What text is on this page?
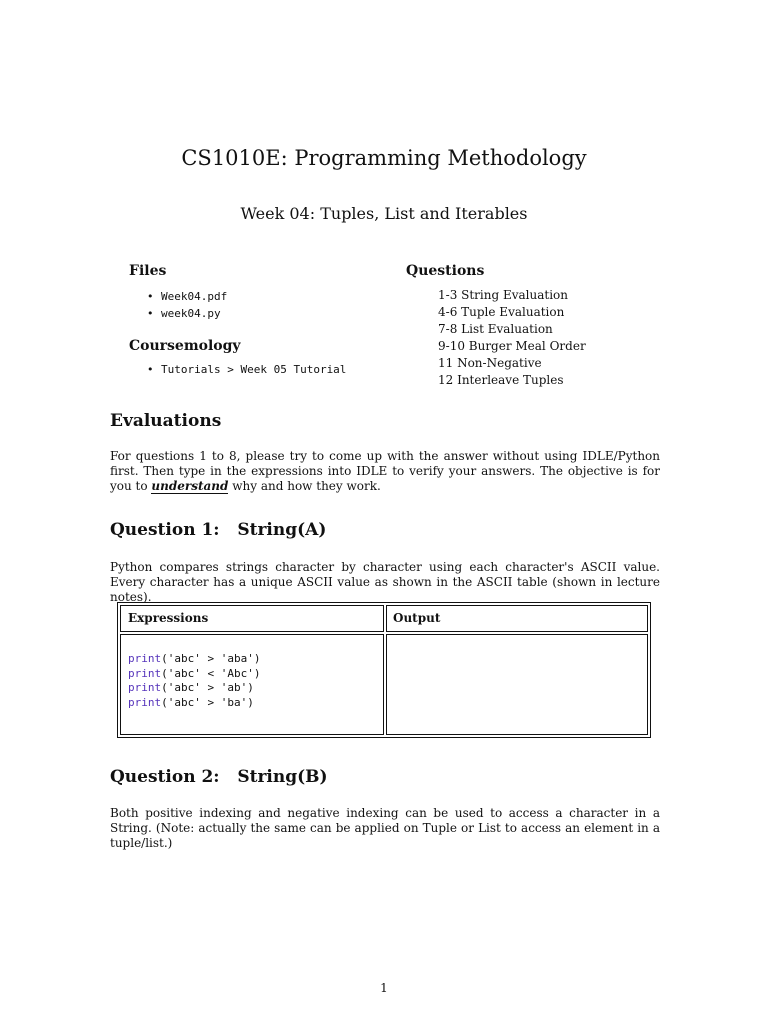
CS1010E: Programming Methodology
Week 04: Tuples, List and Iterables
Files
• Week04.pdf
• week04.py
Coursemology
• Tutorials > Week 05 Tutorial
Questions
1-3 String Evaluation
4-6 Tuple Evaluation
7-8 List Evaluation
9-10 Burger Meal Order
11 Non-Negative
12 Interleave Tuples
Evaluations
For questions 1 to 8, please try to come up with the answer without using IDLE/Python first. Then type in the expressions into IDLE to verify your answers. The objective is for you to understand why and how they work.
Question 1:   String(A)
Python compares strings character by character using each character's ASCII value. Every character has a unique ASCII value as shown in the ASCII table (shown in lecture notes).
Expressions	Output
print('abc' > 'aba')
print('abc' < 'Abc')
print('abc' > 'ab')
print('abc' > 'ba')
Question 2:   String(B)
Both positive indexing and negative indexing can be used to access a character in a String. (Note: actually the same can be applied on Tuple or List to access an element in a tuple/list.)
1
